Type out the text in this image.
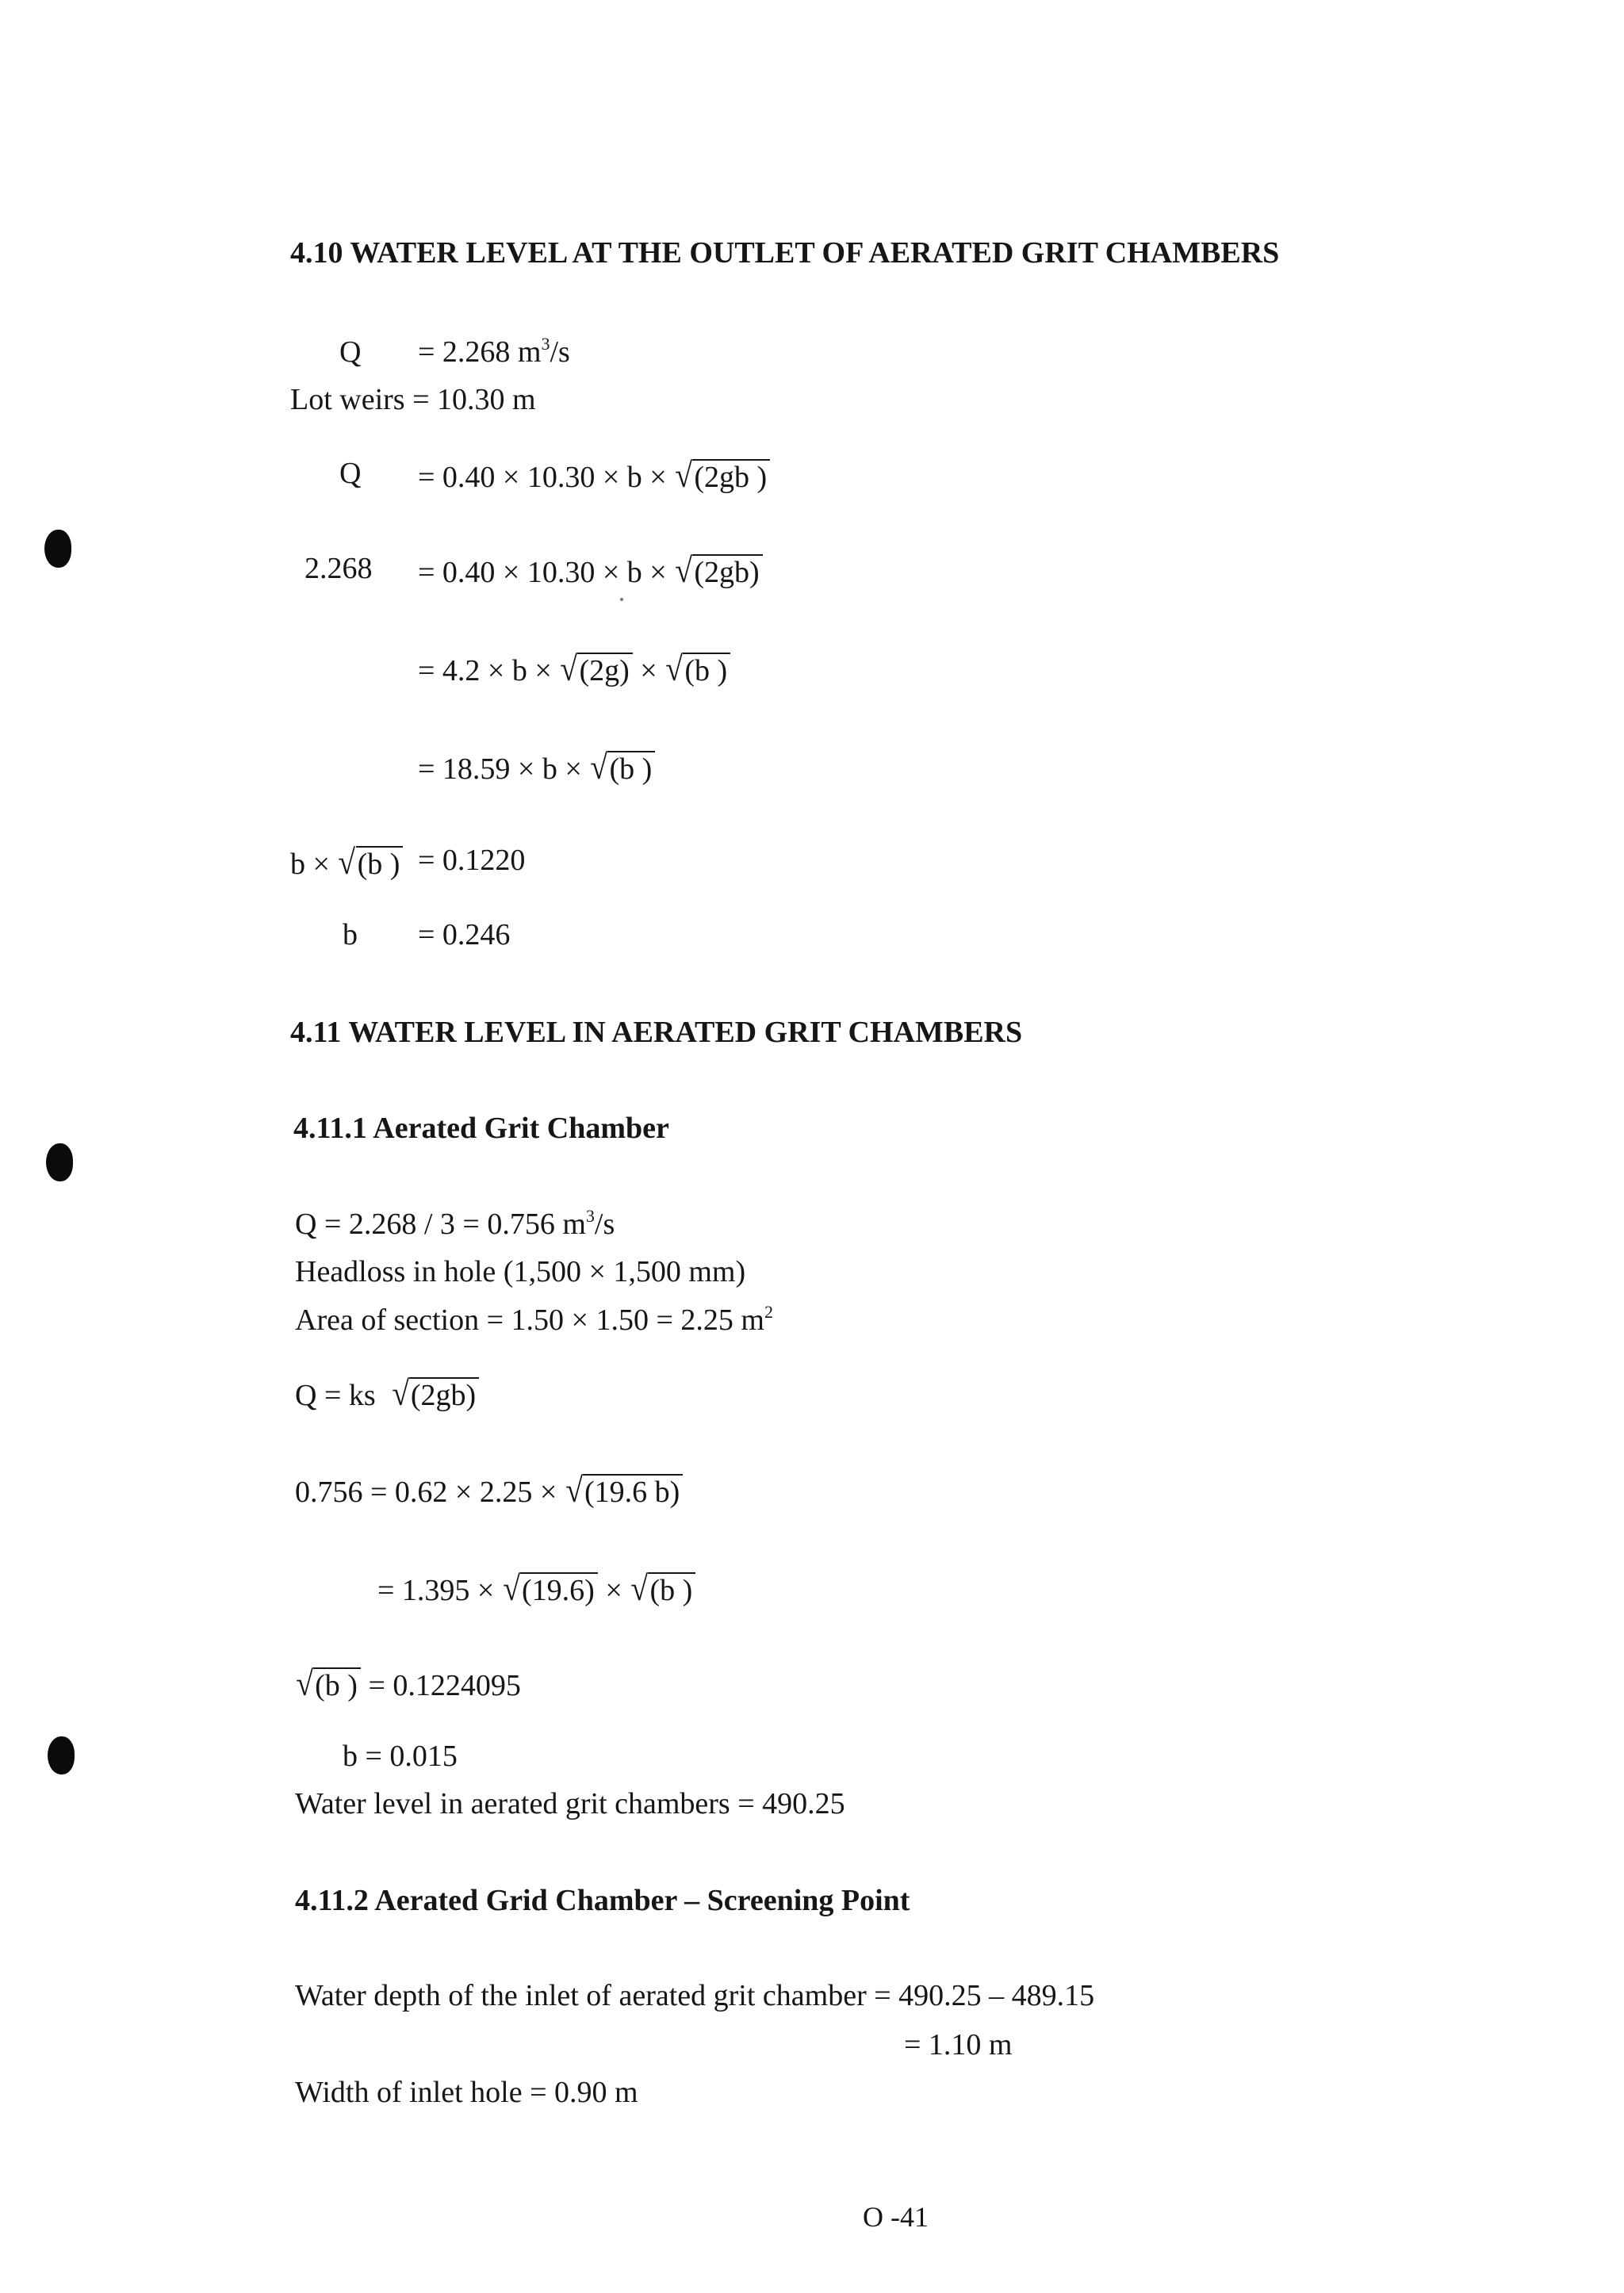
4.10 WATER LEVEL AT THE OUTLET OF AERATED GRIT CHAMBERS
Q = 2.268 $m^3/s$
Lot weirs = 10.30 m
Q = 0.40 × 10.30 × b × √(2gb )
2.268 = 0.40 × 10.30 × b × √(2gb)
= 4.2 × b × √(2g) × √(b )
= 18.59 × b × √(b )
b × √(b ) = 0.1220
b = 0.246
4.11 WATER LEVEL IN AERATED GRIT CHAMBERS
4.11.1 Aerated Grit Chamber
Q = 2.268 / 3 = 0.756 $m^3/s$
Headloss in hole (1,500 × 1,500 mm)
Area of section = 1.50 × 1.50 = 2.25 $m^2$
Q = ks √(2gb)
0.756 = 0.62 × 2.25 × √(19.6 b)
= 1.395 × √(19.6) × √(b )
√(b ) = 0.1224095
b = 0.015
Water level in aerated grit chambers = 490.25
4.11.2 Aerated Grid Chamber – Screening Point
Water depth of the inlet of aerated grit chamber = 490.25 – 489.15
= 1.10 m
Width of inlet hole = 0.90 m
O -41
